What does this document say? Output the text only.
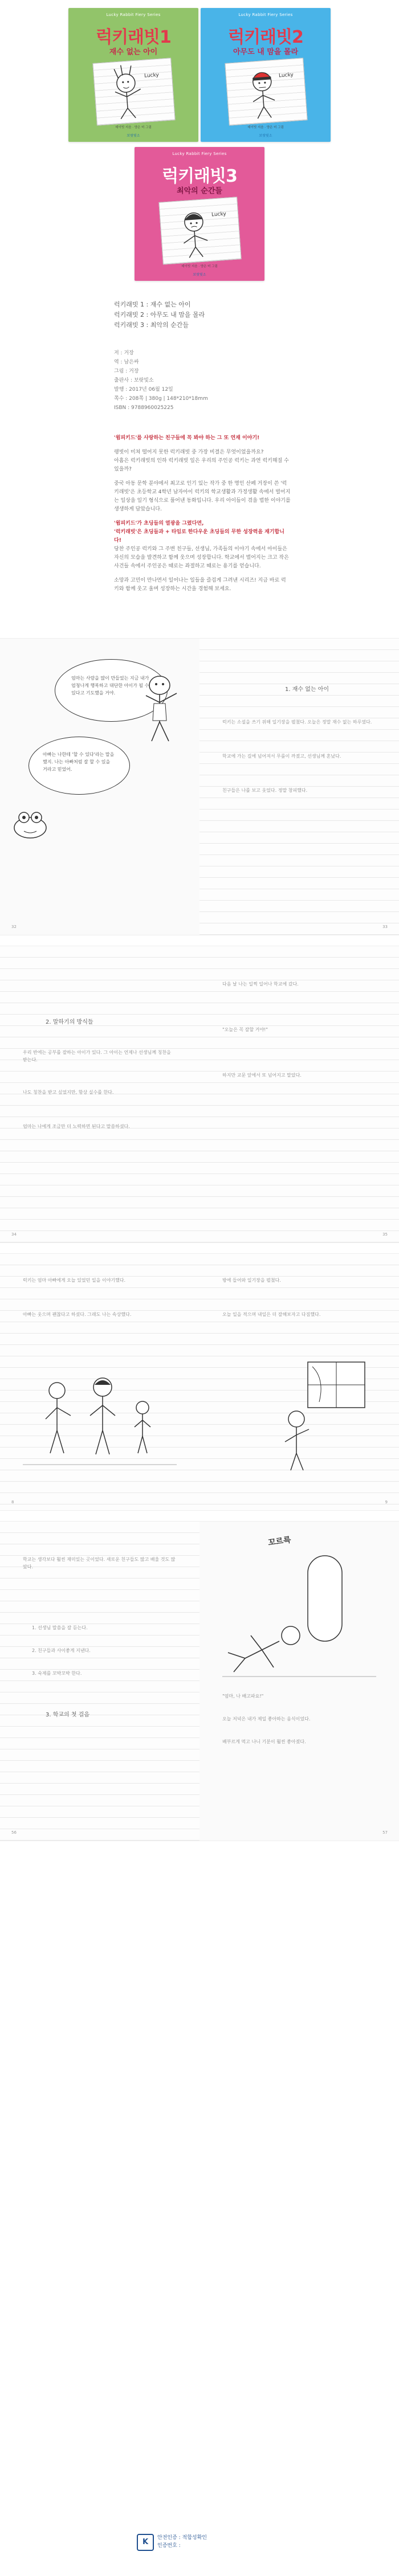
Lucky Rabbit Fiery Series
럭키래빗1
재수 없는 아이
Lucky
데이빗 지음 · 양은 미 그림
보랏빛소
Lucky Rabbit Fiery Series
럭키래빗2
아무도 내 맘을 몰라
Lucky
데이빗 지음 · 양은 미 그림
보랏빛소
Lucky Rabbit Fiery Series
럭키래빗3
최악의 순간들
Lucky
데이빗 지음 · 양은 미 그림
보랏빛소
럭키래빗 1 : 재수 없는 아이
럭키래빗 2 : 아무도 내 맘을 몰라
럭키래빗 3 : 최악의 순간들
저 : 거장
역 : 남은싸
그림 : 거장
출판사 : 보랏빛소
발행 : 2017년 06월 12일
쪽수 : 208쪽 | 380g | 148*210*18mm
ISBN : 9788960025225
'윔피키드'를 사랑하는 친구들에 꼭 봐야 하는 그 또 연재 이야기!
랭빗이 미쳐 떨어지 못한 럭키래빗 중 가장 비결은 무엇이었을까요?
아홉은 럭키래빗의 인하 럭키래빗 일은 우리의 주인공 럭키는 과연 럭키해질 수 있을까?
중국 아동 문학 분야에서 최고로 인기 있는 작가 중 한 명인 산페 거장이 쓴 '럭키래빗'은 초등학교 4학년 남자아이 럭키의 학교생활과 가정생활 속에서 벌어지는 일상을 일기 형식으로 풀어낸 동화입니다. 우리 아이들이 겪을 법한 이야기를 생생하게 담았습니다.
'윔피키드'가 초딩들의 열광을 그렸다면,
'럭키래빗'은 초딩들과 + 타임로 한다우운 초딩들의 무한 성장력을 재기합니다!
당찬 주인공 럭키와 그 주변 친구들, 선생님, 가족들의 이야기 속에서 아이들은 자신의 모습을 발견하고 함께 웃으며 성장합니다. 학교에서 벌어지는 크고 작은 사건들 속에서 주인공은 때로는 좌절하고 때로는 용기를 얻습니다.
소망과 고민이 만나면서 일어나는 일들을 즐겁게 그려낸 시리즈! 지금 바로 럭키와 함께 웃고 울며 성장하는 시간을 경험해 보세요.
엄마는 사람을 많이 만들었는 지금 내가 엄청나게 행복하고 대단한 아이가 될 수 있다고 기도했을 거야.
아빠는 나한테 '할 수 있다'라는 말을 했지. 나는 아빠처럼 잘 할 수 있을 거라고 믿었어.
32
1. 재수 없는 아이
럭키는 소설을 쓰기 위해 일기장을 펼쳤다. 오늘은 정말 재수 없는 하루였다.
학교에 가는 길에 넘어져서 무릎이 까졌고, 선생님께 혼났다.
친구들은 나를 보고 웃었다. 정말 창피했다.
33
2. 말하기의 방식들
우리 반에는 공부를 잘하는 아이가 있다. 그 아이는 언제나 선생님께 칭찬을 받는다.
나도 칭찬을 받고 싶었지만, 항상 실수를 한다.
엄마는 나에게 조금만 더 노력하면 된다고 말씀하셨다.
34
다음 날 나는 일찍 일어나 학교에 갔다.
"오늘은 꼭 잘할 거야!"
하지만 교문 앞에서 또 넘어지고 말았다.
35
럭키는 엄마 아빠에게 오늘 있었던 일을 이야기했다.
아빠는 웃으며 괜찮다고 하셨다. 그래도 나는 속상했다.
8
방에 들어와 일기장을 펼쳤다.
오늘 일을 적으며 내일은 더 잘해보자고 다짐했다.
9
학교는 생각보다 훨씬 재미있는 곳이었다. 새로운 친구들도 많고 배울 것도 많았다.
1. 선생님 말씀을 잘 듣는다.
2. 친구들과 사이좋게 지낸다.
3. 숙제를 꼬박꼬박 한다.
3. 학교의 첫 걸음
56
꼬르륵
"엄마, 나 배고파요!"
오늘 저녁은 내가 제일 좋아하는 음식이었다.
배부르게 먹고 나니 기분이 훨씬 좋아졌다.
57
K	안전인증 : 적합성확인
인증번호 :
